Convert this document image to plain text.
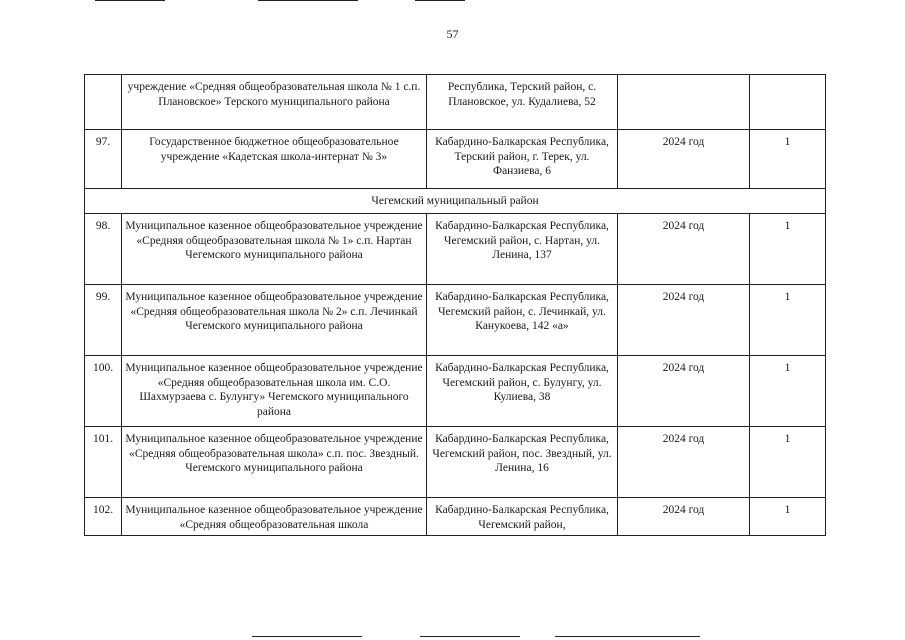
57
	учреждение «Средняя общеобразовательная школа № 1 с.п. Плановское» Терского муниципального района	Республика, Терский район, с. Плановское, ул. Кудалиева, 52		
97.	Государственное бюджетное общеобразовательное учреждение «Кадетская школа-интернат № 3»	Кабардино-Балкарская Республика, Терский район, г. Терек, ул. Фанзиева, 6	2024 год	1
Чегемский муниципальный район				
98.	Муниципальное казенное общеобразовательное учреждение «Средняя общеобразовательная школа № 1» с.п. Нартан Чегемского муниципального района	Кабардино-Балкарская Республика, Чегемский район, с. Нартан, ул. Ленина, 137	2024 год	1
99.	Муниципальное казенное общеобразовательное учреждение «Средняя общеобразовательная школа № 2» с.п. Лечинкай Чегемского муниципального района	Кабардино-Балкарская Республика, Чегемский район, с. Лечинкай, ул. Канукоева, 142 «а»	2024 год	1
100.	Муниципальное казенное общеобразовательное учреждение «Средняя общеобразовательная школа им. С.О. Шахмурзаева с. Булунгу» Чегемского муниципального района	Кабардино-Балкарская Республика, Чегемский район, с. Булунгу, ул. Кулиева, 38	2024 год	1
101.	Муниципальное казенное общеобразовательное учреждение «Средняя общеобразовательная школа» с.п. пос. Звездный. Чегемского муниципального района	Кабардино-Балкарская Республика, Чегемский район, пос. Звездный, ул. Ленина, 16	2024 год	1
102.	Муниципальное казенное общеобразовательное учреждение «Средняя общеобразовательная школа	Кабардино-Балкарская Республика, Чегемский район,	2024 год	1
